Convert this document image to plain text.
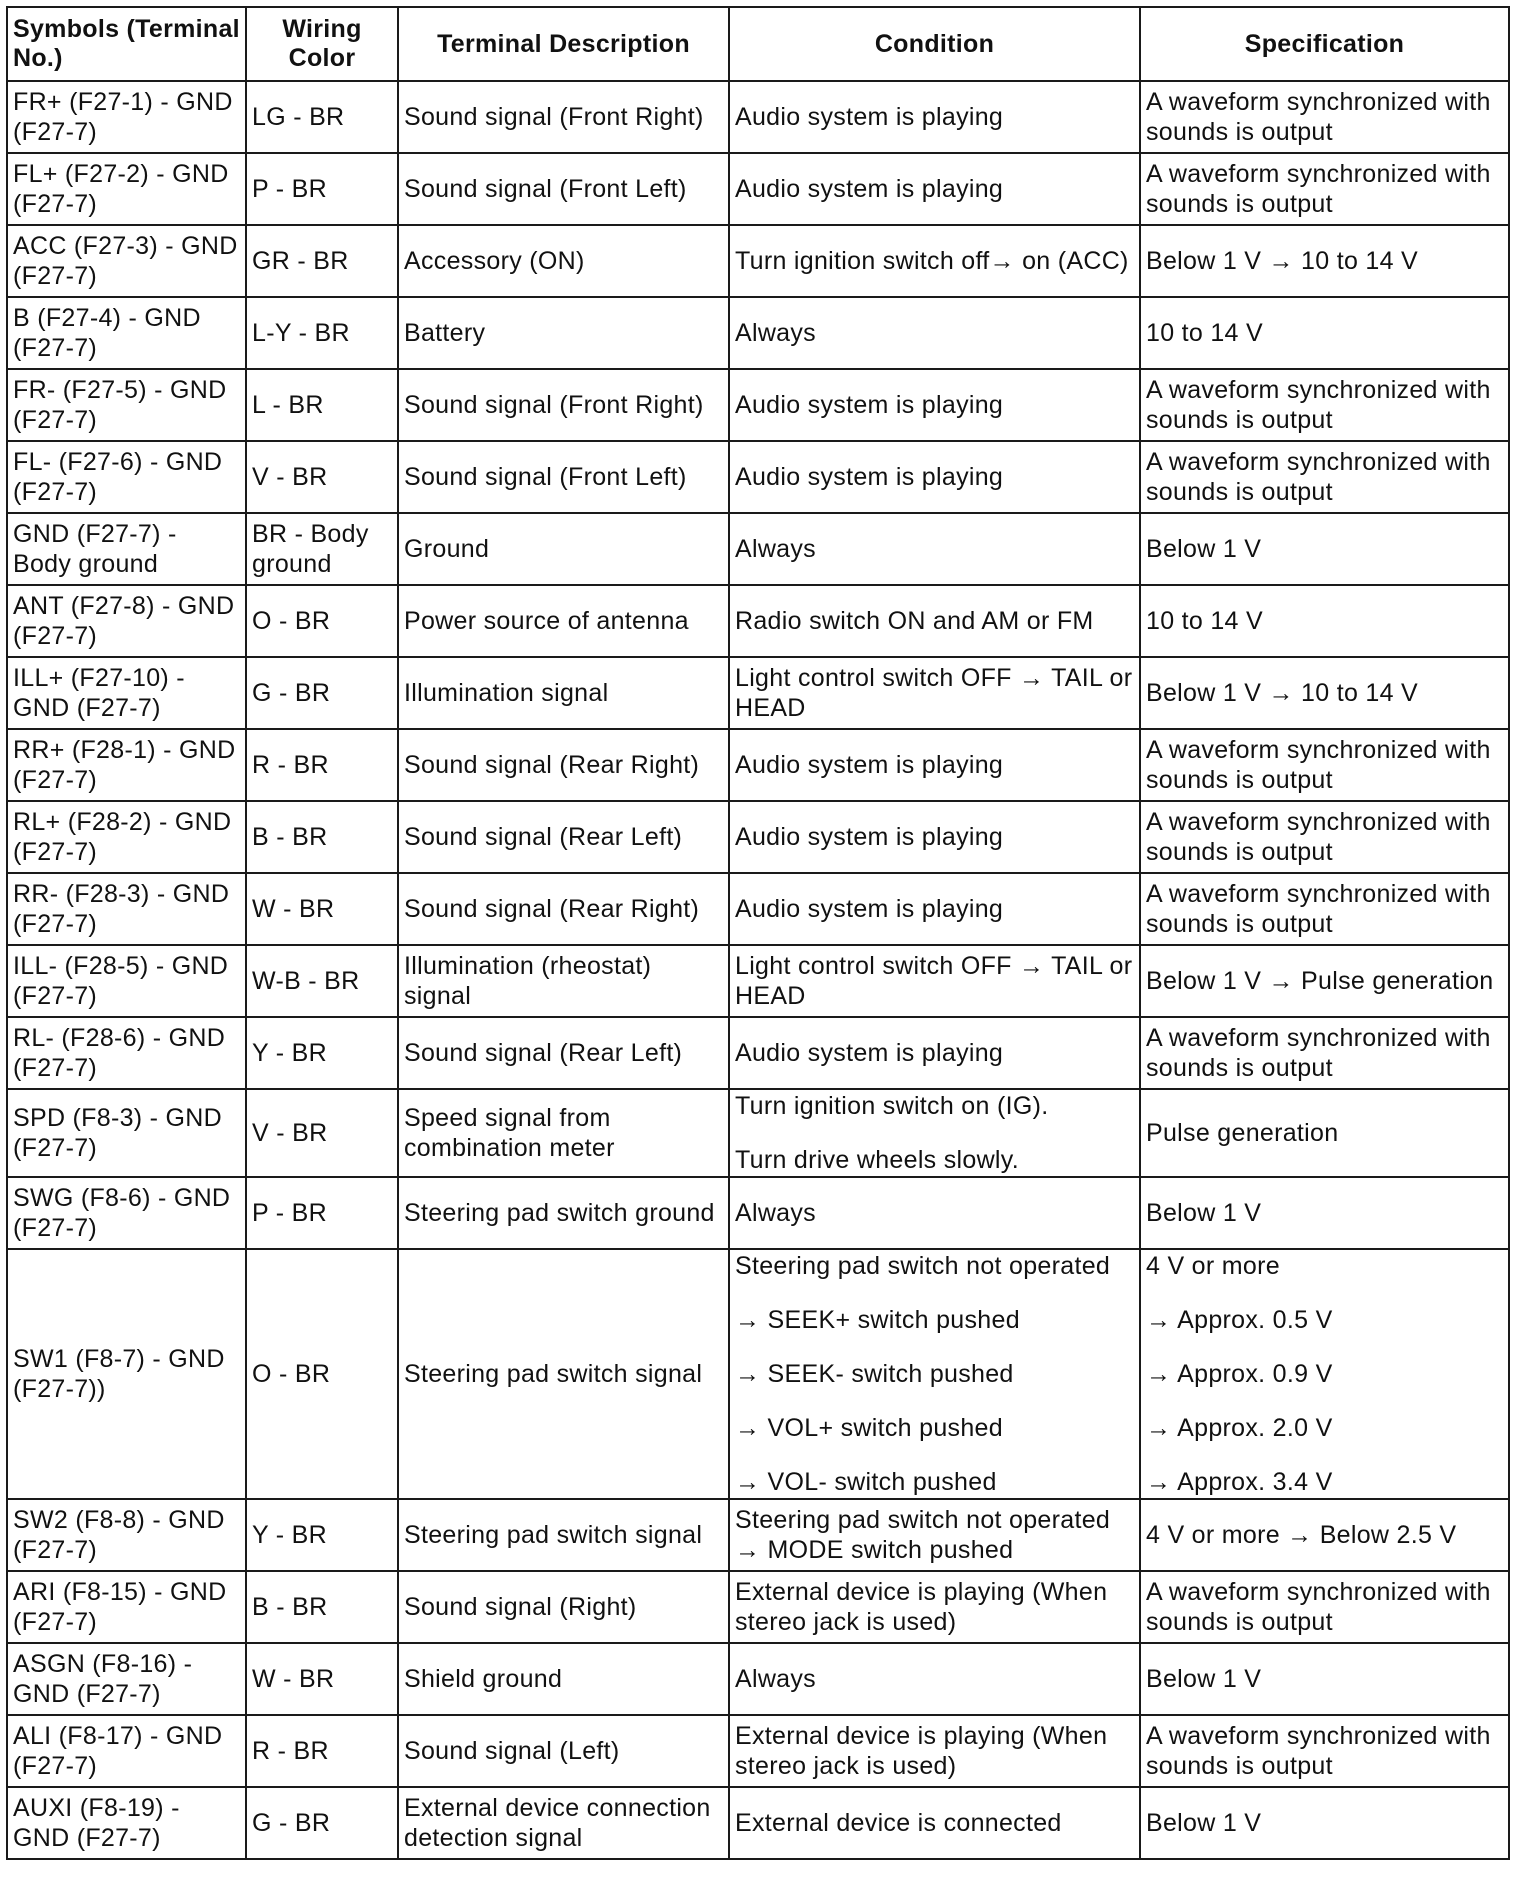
Symbols (Terminal No.)	Wiring Color	Terminal Description	Condition	Specification
FR+ (F27-1) - GND (F27-7)	LG - BR	Sound signal (Front Right)	Audio system is playing	A waveform synchronized with sounds is output

FL+ (F27-2) - GND (F27-7)	P - BR	Sound signal (Front Left)	Audio system is playing	A waveform synchronized with sounds is output

ACC (F27-3) - GND (F27-7)	GR - BR	Accessory (ON)	Turn ignition switch off→ on (ACC)	Below 1 V → 10 to 14 V

B (F27-4) - GND (F27-7)	L-Y - BR	Battery	Always	10 to 14 V

FR- (F27-5) - GND (F27-7)	L - BR	Sound signal (Front Right)	Audio system is playing	A waveform synchronized with sounds is output

FL- (F27-6) - GND (F27-7)	V - BR	Sound signal (Front Left)	Audio system is playing	A waveform synchronized with sounds is output

GND (F27-7) - Body ground	BR - Body ground	Ground	Always	Below 1 V

ANT (F27-8) - GND (F27-7)	O - BR	Power source of antenna	Radio switch ON and AM or FM	10 to 14 V

ILL+ (F27-10) - GND (F27-7)	G - BR	Illumination signal	Light control switch OFF → TAIL or HEAD	Below 1 V → 10 to 14 V

RR+ (F28-1) - GND (F27-7)	R - BR	Sound signal (Rear Right)	Audio system is playing	A waveform synchronized with sounds is output

RL+ (F28-2) - GND (F27-7)	B - BR	Sound signal (Rear Left)	Audio system is playing	A waveform synchronized with sounds is output

RR- (F28-3) - GND (F27-7)	W - BR	Sound signal (Rear Right)	Audio system is playing	A waveform synchronized with sounds is output

ILL- (F28-5) - GND (F27-7)	W-B - BR	Illumination (rheostat) signal	Light control switch OFF → TAIL or HEAD	Below 1 V → Pulse generation

RL- (F28-6) - GND (F27-7)	Y - BR	Sound signal (Rear Left)	Audio system is playing	A waveform synchronized with sounds is output

SPD (F8-3) - GND (F27-7)	V - BR	Speed signal from combination meter	Turn ignition switch on (IG).
Turn drive wheels slowly.	Pulse generation

SWG (F8-6) - GND (F27-7)	P - BR	Steering pad switch ground	Always	Below 1 V

SW1 (F8-7) - GND (F27-7))	O - BR	Steering pad switch signal	Steering pad switch not operated
→ SEEK+ switch pushed
→ SEEK- switch pushed
→ VOL+ switch pushed
→ VOL- switch pushed	4 V or more
→ Approx. 0.5 V
→ Approx. 0.9 V
→ Approx. 2.0 V
→ Approx. 3.4 V

SW2 (F8-8) - GND (F27-7)	Y - BR	Steering pad switch signal	Steering pad switch not operated → MODE switch pushed	4 V or more → Below 2.5 V

ARI (F8-15) - GND (F27-7)	B - BR	Sound signal (Right)	External device is playing (When stereo jack is used)	A waveform synchronized with sounds is output

ASGN (F8-16) - GND (F27-7)	W - BR	Shield ground	Always	Below 1 V

ALI (F8-17) - GND (F27-7)	R - BR	Sound signal (Left)	External device is playing (When stereo jack is used)	A waveform synchronized with sounds is output

AUXI (F8-19) - GND (F27-7)	G - BR	External device connection detection signal	External device is connected	Below 1 V
